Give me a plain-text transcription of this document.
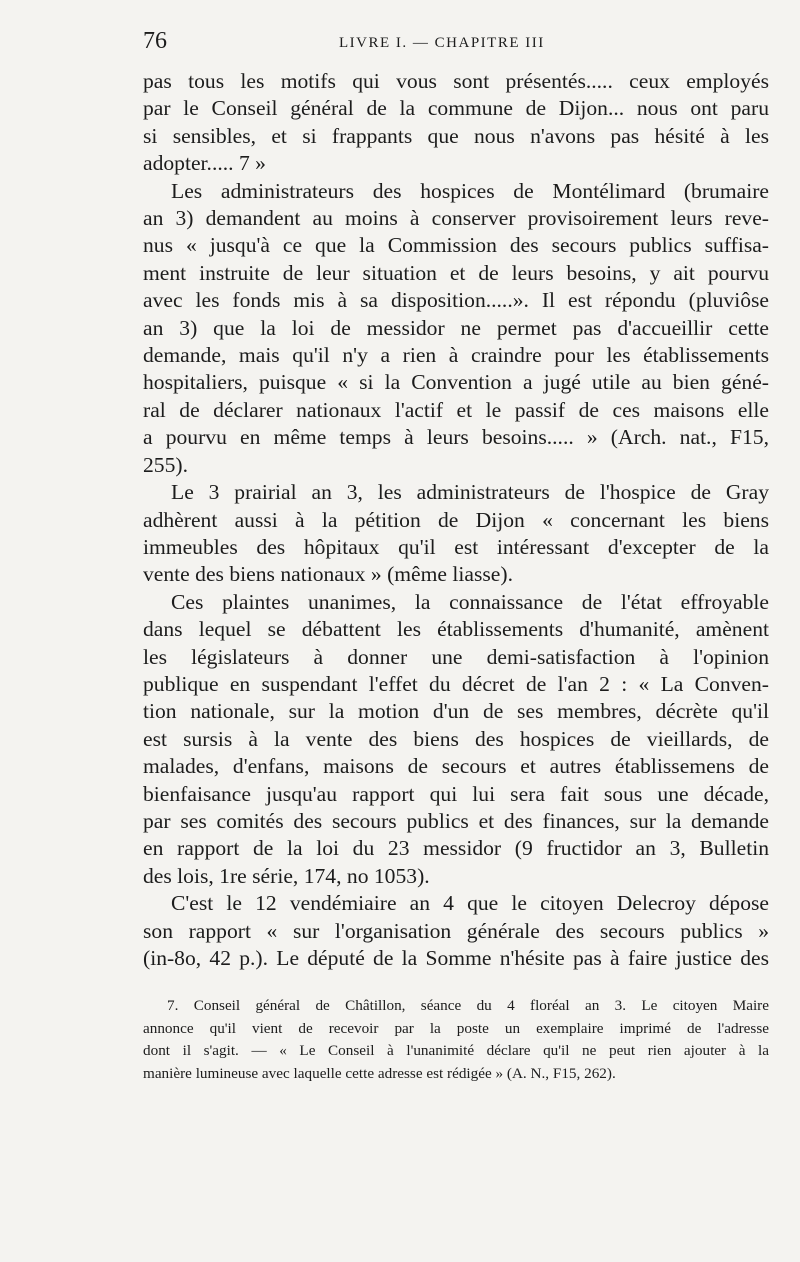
76	LIVRE I. — CHAPITRE III
pas tous les motifs qui vous sont présentés..... ceux employés
par le Conseil général de la commune de Dijon... nous ont paru
si sensibles, et si frappants que nous n'avons pas hésité à les
adopter..... 7 »
Les administrateurs des hospices de Montélimard (brumaire
an 3) demandent au moins à conserver provisoirement leurs reve-
nus « jusqu'à ce que la Commission des secours publics suffisa-
ment instruite de leur situation et de leurs besoins, y ait pourvu
avec les fonds mis à sa disposition.....». Il est répondu (pluviôse
an 3) que la loi de messidor ne permet pas d'accueillir cette
demande, mais qu'il n'y a rien à craindre pour les établissements
hospitaliers, puisque « si la Convention a jugé utile au bien géné-
ral de déclarer nationaux l'actif et le passif de ces maisons elle
a pourvu en même temps à leurs besoins..... » (Arch. nat., F15,
255).
Le 3 prairial an 3, les administrateurs de l'hospice de Gray
adhèrent aussi à la pétition de Dijon « concernant les biens
immeubles des hôpitaux qu'il est intéressant d'excepter de la
vente des biens nationaux » (même liasse).
Ces plaintes unanimes, la connaissance de l'état effroyable
dans lequel se débattent les établissements d'humanité, amènent
les législateurs à donner une demi-satisfaction à l'opinion
publique en suspendant l'effet du décret de l'an 2 : « La Conven-
tion nationale, sur la motion d'un de ses membres, décrète qu'il
est sursis à la vente des biens des hospices de vieillards, de
malades, d'enfans, maisons de secours et autres établissemens de
bienfaisance jusqu'au rapport qui lui sera fait sous une décade,
par ses comités des secours publics et des finances, sur la demande
en rapport de la loi du 23 messidor (9 fructidor an 3, Bulletin
des lois, 1re série, 174, no 1053).
C'est le 12 vendémiaire an 4 que le citoyen Delecroy dépose
son rapport « sur l'organisation générale des secours publics »
(in-8o, 42 p.). Le député de la Somme n'hésite pas à faire justice des
7. Conseil général de Châtillon, séance du 4 floréal an 3. Le citoyen Maire
annonce qu'il vient de recevoir par la poste un exemplaire imprimé de l'adresse
dont il s'agit. — « Le Conseil à l'unanimité déclare qu'il ne peut rien ajouter à la
manière lumineuse avec laquelle cette adresse est rédigée » (A. N., F15, 262).
